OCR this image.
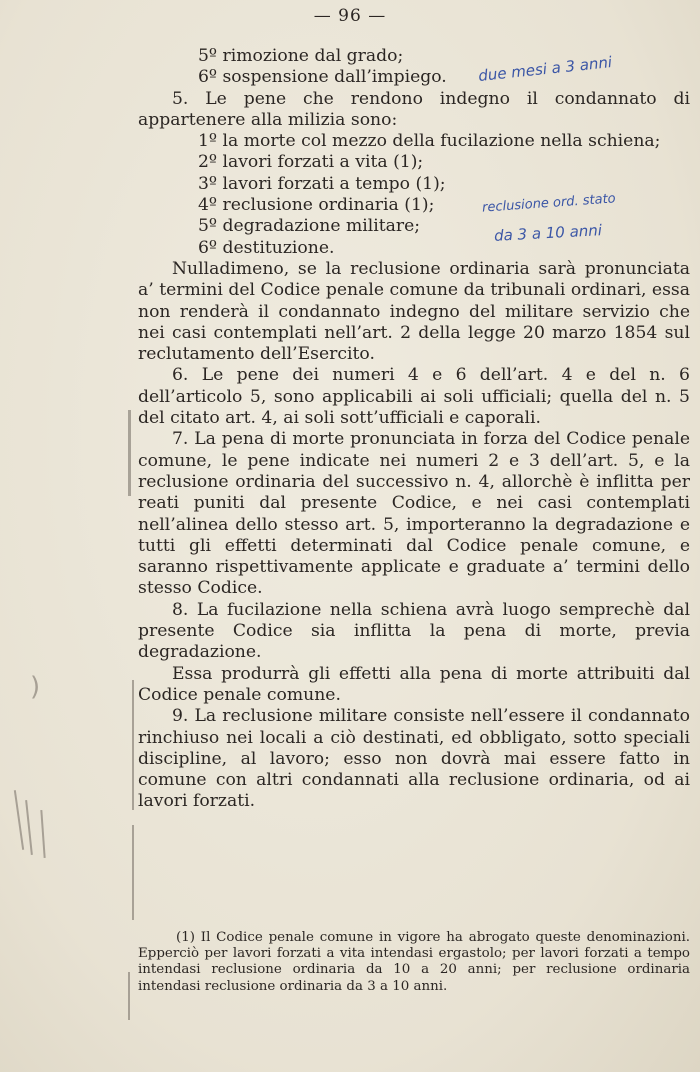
— 96 —

5º rimozione dal grado;

6º sospensione dall’impiego.

5. Le pene che rendono indegno il condannato di appartenere alla milizia sono:

1º la morte col mezzo della fucilazione nella schiena;

2º lavori forzati a vita (1);

3º lavori forzati a tempo (1);

4º reclusione ordinaria (1);

5º degradazione militare;

6º destituzione.

Nulladimeno, se la reclusione ordinaria sarà pronunciata a’ termini del Codice penale comune da tribunali ordinari, essa non renderà il condannato indegno del militare servizio che nei casi contemplati nell’art. 2 della legge 20 marzo 1854 sul reclutamento dell’Esercito.

6. Le pene dei numeri 4 e 6 dell’art. 4 e del n. 6 dell’articolo 5, sono applicabili ai soli ufficiali; quella del n. 5 del citato art. 4, ai soli sott’ufficiali e caporali.

7. La pena di morte pronunciata in forza del Codice penale comune, le pene indicate nei numeri 2 e 3 dell’art. 5, e la reclusione ordinaria del successivo n. 4, allorchè è inflitta per reati puniti dal presente Codice, e nei casi contemplati nell’alinea dello stesso art. 5, importeranno la degradazione e tutti gli effetti determinati dal Codice penale comune, e saranno rispettivamente applicate e graduate a’ termini dello stesso Codice.

8. La fucilazione nella schiena avrà luogo semprechè dal presente Codice sia inflitta la pena di morte, previa degradazione.

Essa produrrà gli effetti alla pena di morte attribuiti dal Codice penale comune.

9. La reclusione militare consiste nell’essere il condannato rinchiuso nei locali a ciò destinati, ed obbligato, sotto speciali discipline, al lavoro; esso non dovrà mai essere fatto in comune con altri condannati alla reclusione ordinaria, od ai lavori forzati.

due mesi a 3 anni
reclusione ord. stato
da 3 a 10 anni
)

(1) Il Codice penale comune in vigore ha abrogato queste denominazioni. Epperciò per lavori forzati a vita intendasi ergastolo; per lavori forzati a tempo intendasi reclusione ordinaria da 10 a 20 anni; per reclusione ordinaria intendasi reclusione ordinaria da 3 a 10 anni.
